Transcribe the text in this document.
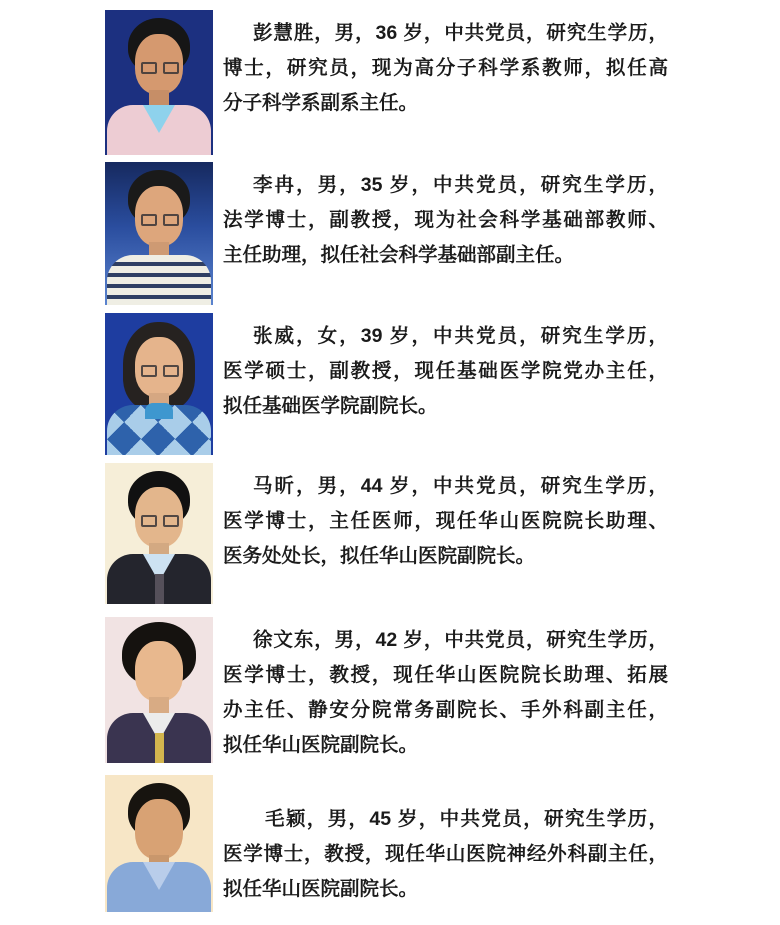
彭慧胜，男，36 岁，中共党员，研究生学历，
博士，研究员，现为高分子科学系教师，拟任高
分子科学系副系主任。
李冉，男，35 岁，中共党员，研究生学历，
法学博士，副教授，现为社会科学基础部教师、
主任助理，拟任社会科学基础部副主任。
张威，女，39 岁，中共党员，研究生学历，
医学硕士，副教授，现任基础医学院党办主任，
拟任基础医学院副院长。
马昕，男，44 岁，中共党员，研究生学历，
医学博士，主任医师，现任华山医院院长助理、
医务处处长，拟任华山医院副院长。
徐文东，男，42 岁，中共党员，研究生学历，
医学博士，教授，现任华山医院院长助理、拓展
办主任、静安分院常务副院长、手外科副主任，
拟任华山医院副院长。
毛颖，男，45 岁，中共党员，研究生学历，
医学博士，教授，现任华山医院神经外科副主任，
拟任华山医院副院长。
